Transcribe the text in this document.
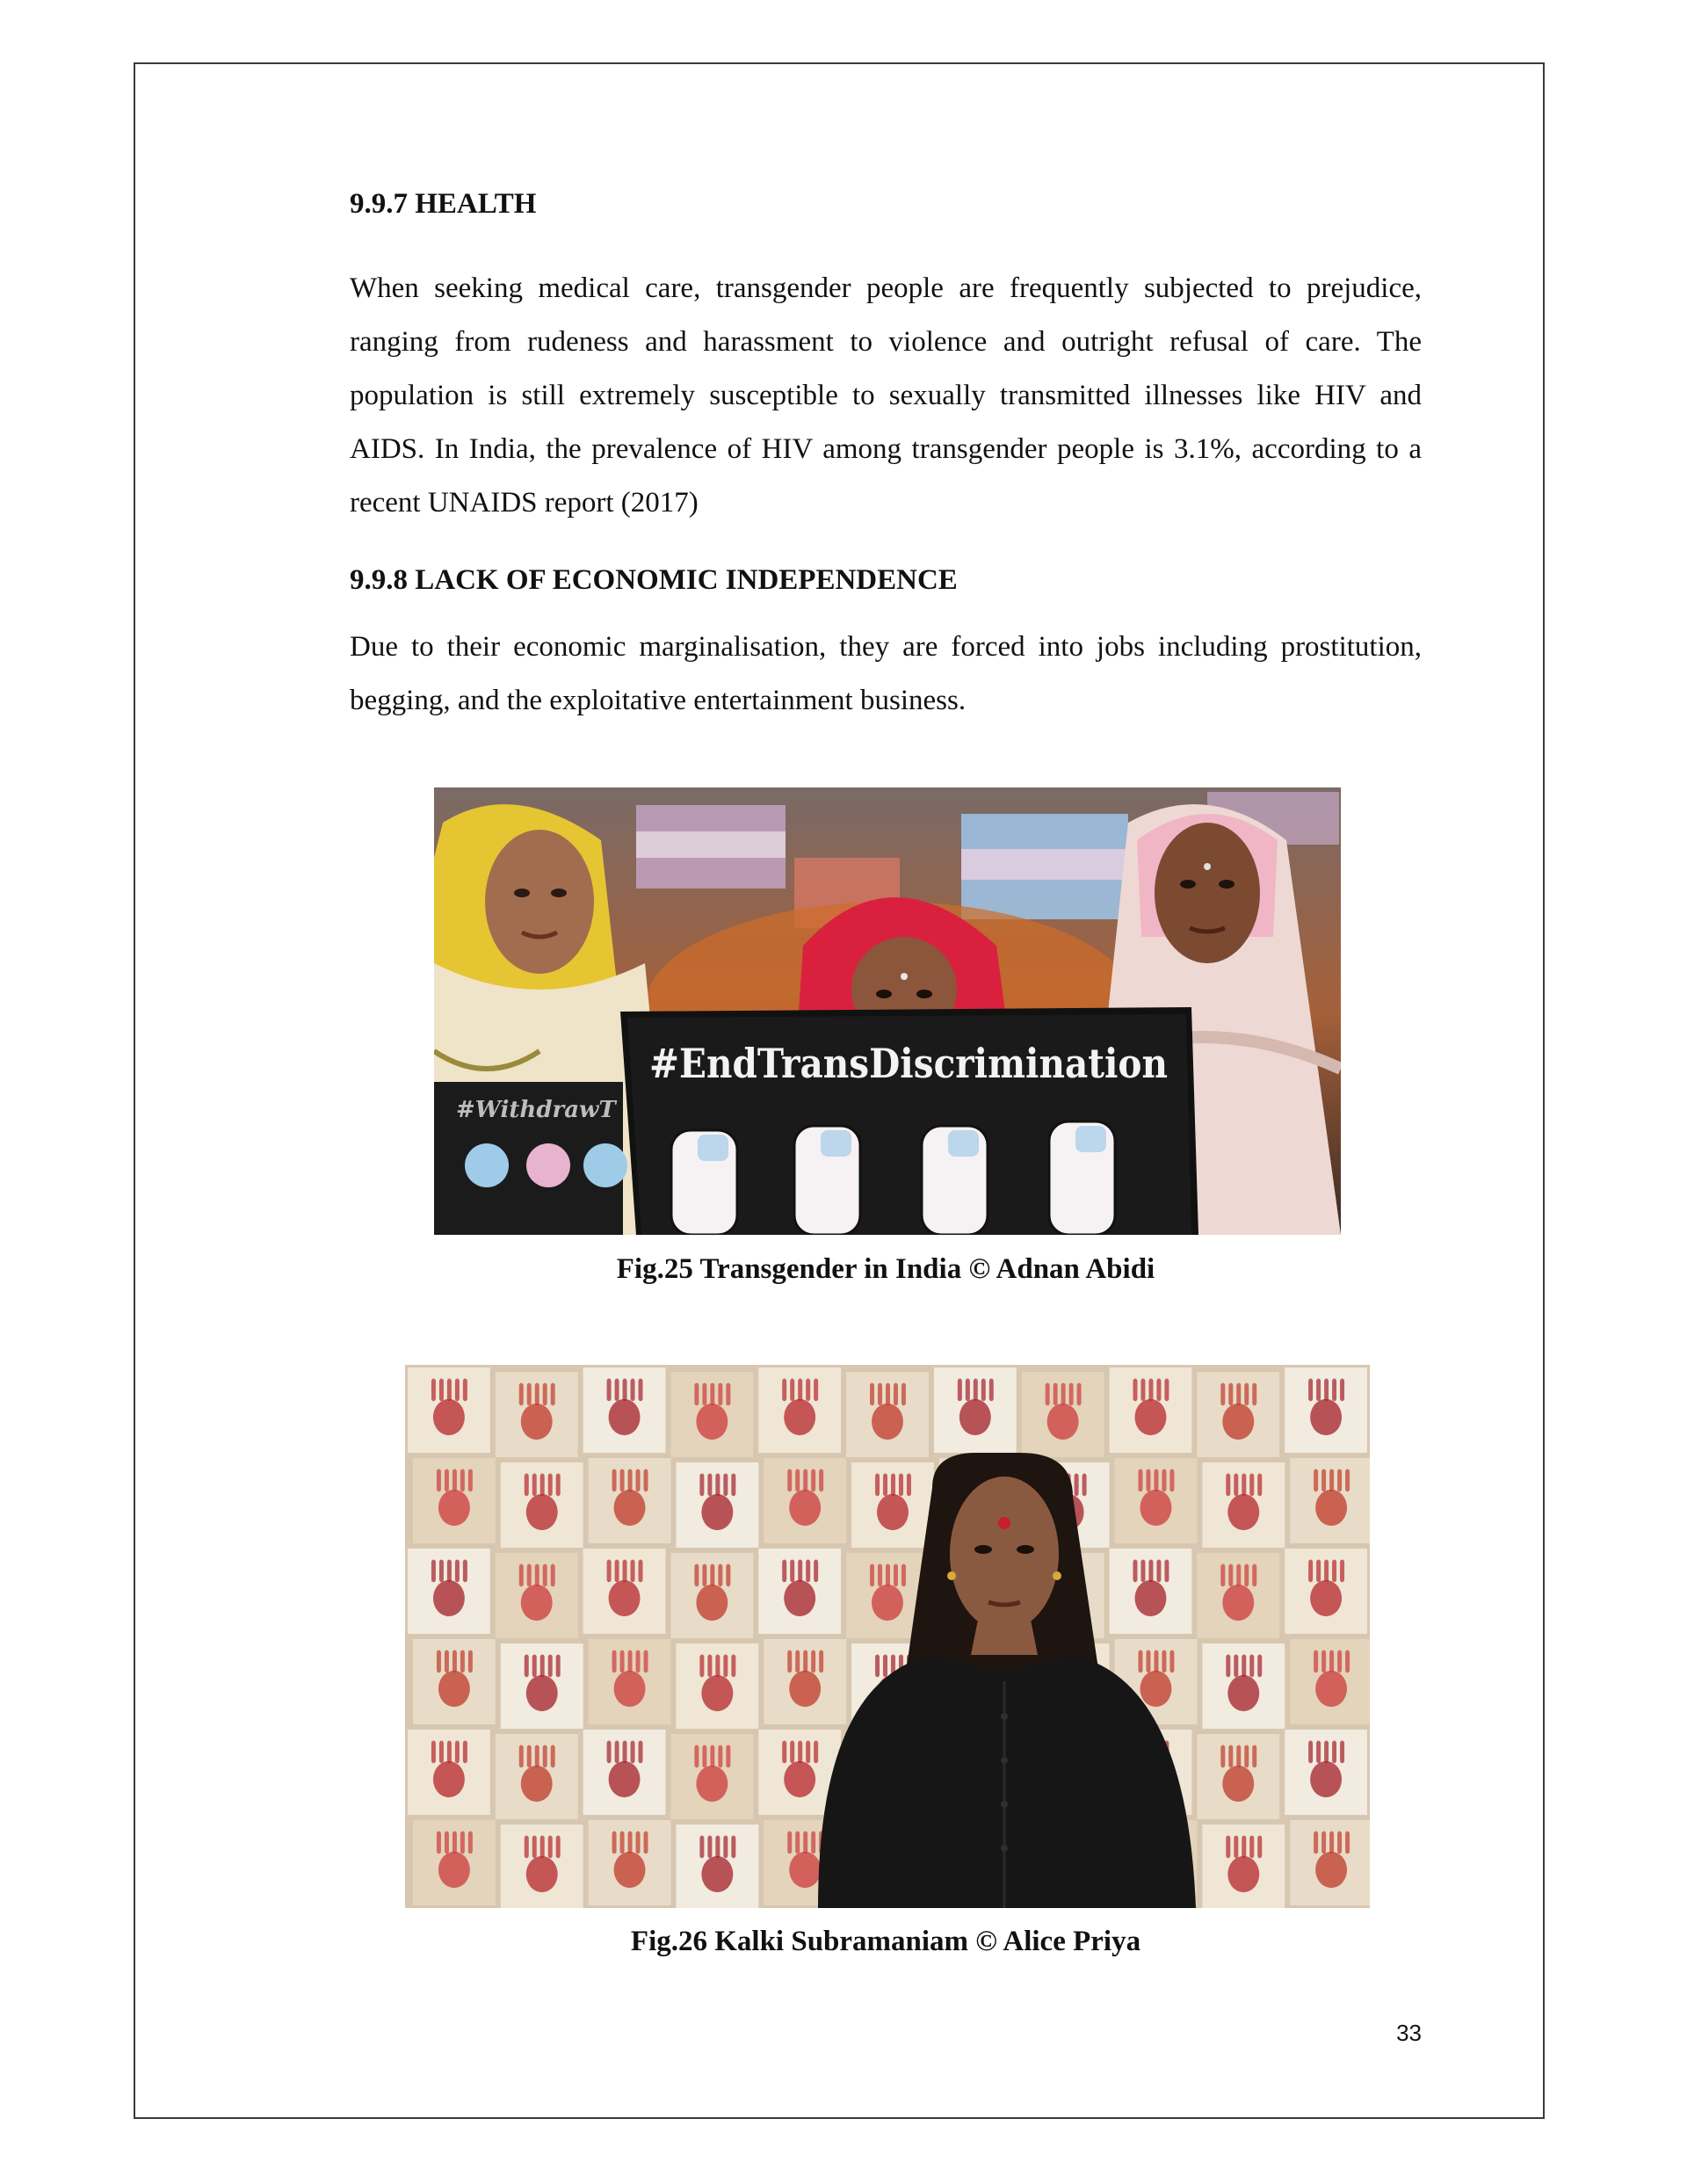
9.9.7 HEALTH

When seeking medical care, transgender people are frequently subjected to prejudice, ranging from rudeness and harassment to violence and outright refusal of care. The population is still extremely susceptible to sexually transmitted illnesses like HIV and AIDS. In India, the prevalence of HIV among transgender people is 3.1%, according to a recent UNAIDS report (2017)

9.9.8 LACK OF ECONOMIC INDEPENDENCE

Due to their economic marginalisation, they are forced into jobs including prostitution, begging, and the exploitative entertainment business.

#WithdrawT
#EndTransDiscrimination
Fig.25 Transgender in India © Adnan Abidi
Fig.26 Kalki Subramaniam © Alice Priya
33
